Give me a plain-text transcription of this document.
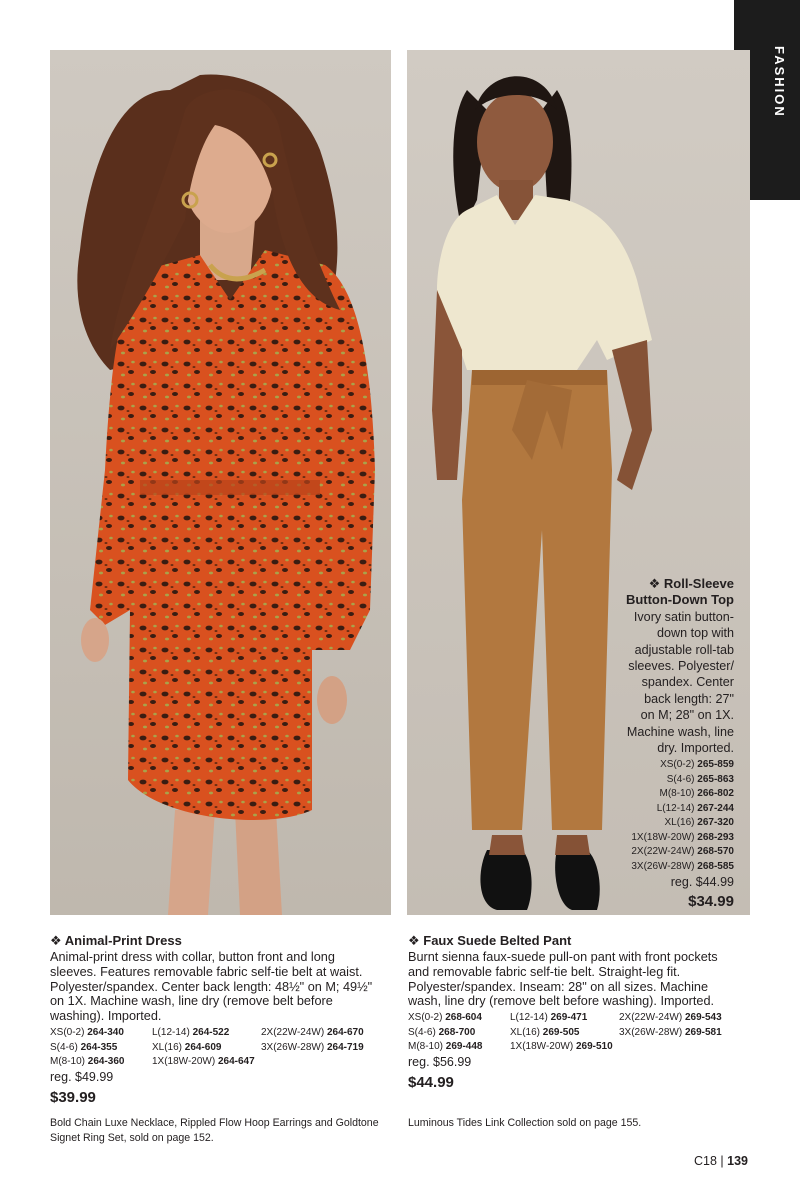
FASHION
❖ Roll-Sleeve
Button-Down Top
Ivory satin button-
down top with
adjustable roll-tab
sleeves. Polyester/
spandex. Center
back length: 27"
on M; 28" on 1X.
Machine wash, line
dry. Imported.
XS(0-2) 265-859
S(4-6) 265-863
M(8-10) 266-802
L(12-14) 267-244
XL(16) 267-320
1X(18W-20W) 268-293
2X(22W-24W) 268-570
3X(26W-28W) 268-585
reg. $44.99
$34.99
❖ Animal-Print Dress
Animal-print dress with collar, button front and long sleeves. Features removable fabric self-tie belt at waist. Polyester/spandex. Center back length: 48½" on M; 49½" on 1X. Machine wash, line dry (remove belt before washing). Imported.
XS(0-2) 264-340	L(12-14) 264-522	2X(22W-24W) 264-670
S(4-6) 264-355	XL(16) 264-609	3X(26W-28W) 264-719
M(8-10) 264-360	1X(18W-20W) 264-647
reg. $49.99
$39.99
❖ Faux Suede Belted Pant
Burnt sienna faux-suede pull-on pant with front pockets and removable fabric self-tie belt. Straight-leg fit. Polyester/spandex. Inseam: 28" on all sizes. Machine wash, line dry (remove belt before washing). Imported.
XS(0-2) 268-604	L(12-14) 269-471	2X(22W-24W) 269-543
S(4-6) 268-700	XL(16) 269-505	3X(26W-28W) 269-581
M(8-10) 269-448	1X(18W-20W) 269-510
reg. $56.99
$44.99
Bold Chain Luxe Necklace, Rippled Flow Hoop Earrings and Goldtone Signet Ring Set, sold on page 152.
Luminous Tides Link Collection sold on page 155.
C18 | 139
